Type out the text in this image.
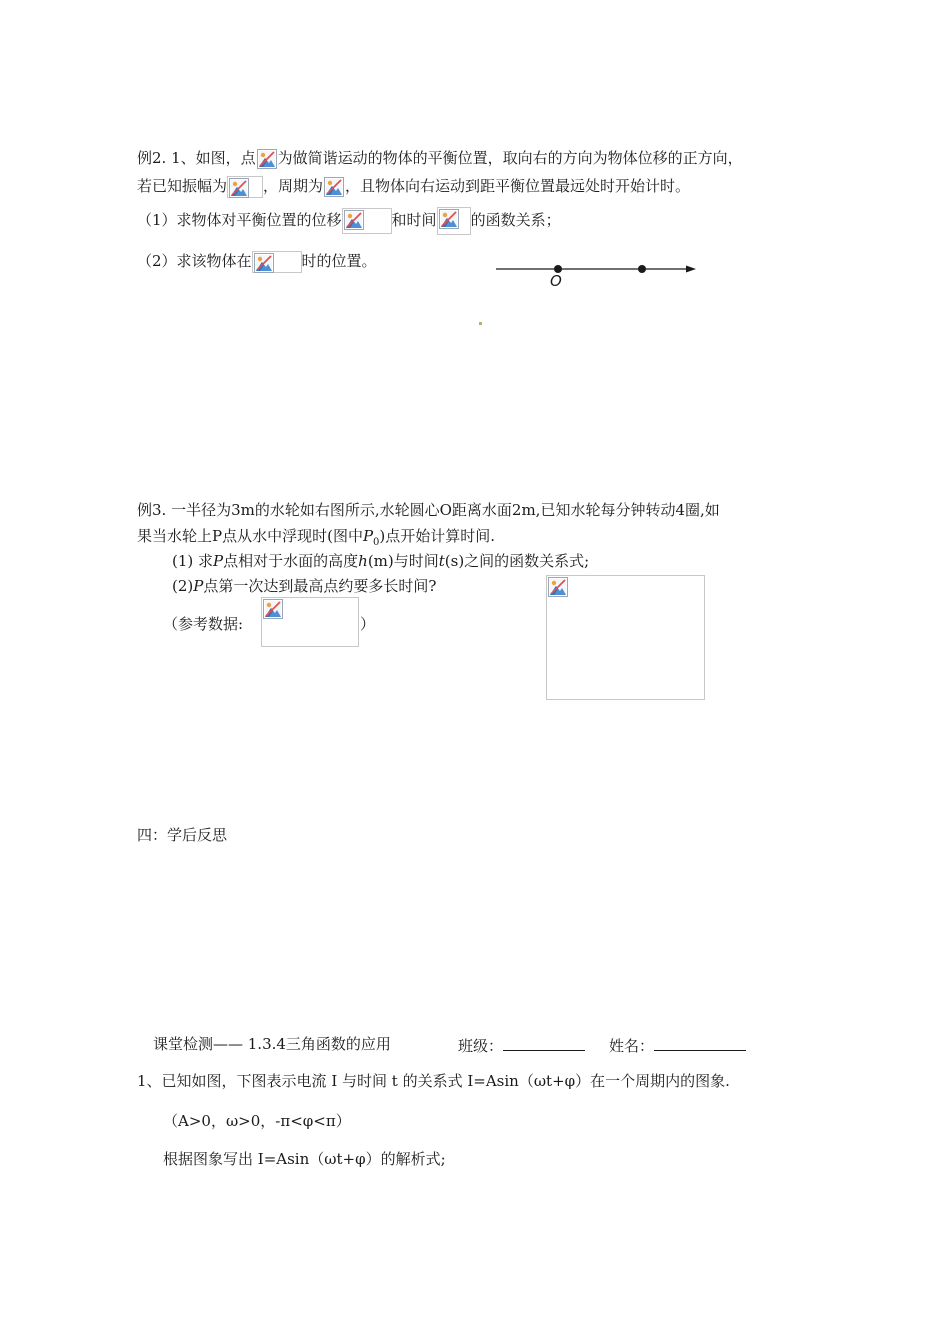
例2. 1、如图，点 为做简谐运动的物体的平衡位置，取向右的方向为物体位移的正方向，
若已知振幅为 ，周期为 ，且物体向右运动到距平衡位置最远处时开始计时。
（1）求物体对平衡位置的位移	和时间 的函数关系；
（2）求该物体在	时的位置。
O
例3. 一半径为3m的水轮如右图所示,水轮圆心O距离水面2m,已知水轮每分钟转动4圈,如
果当水轮上P点从水中浮现时(图中$P_0$)点开始计算时间.
(1) 求P点相对于水面的高度h(m)与时间t(s)之间的函数关系式;
(2)P点第一次达到最高点约要多长时间?
（参考数据:	）
四：学后反思
课堂检测—— 1.3.4三角函数的应用	班级：	姓名：
1、已知如图，下图表示电流 I 与时间 t 的关系式 I=Asin（ωt+φ）在一个周期内的图象.
（A>0，ω>0，-π<φ<π）
根据图象写出 I=Asin（ωt+φ）的解析式;
